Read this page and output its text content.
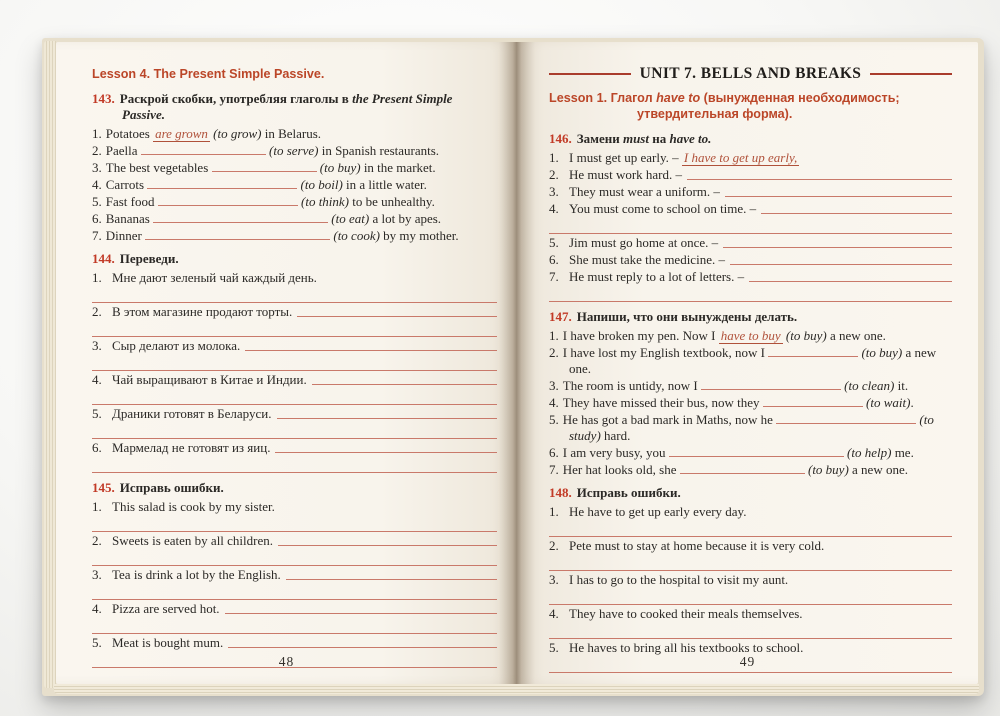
Lesson 4. The Present Simple Passive.
143. Раскрой скобки, употребляя глаголы в the Present Simple Passive.
1. Potatoes are grown (to grow) in Belarus.
2. Paella	(to serve) in Spanish restaurants.
3. The best vegetables	(to buy) in the market.
4. Carrots	(to boil) in a little water.
5. Fast food	(to think) to be unhealthy.
6. Bananas	(to eat) a lot by apes.
7. Dinner	(to cook) by my mother.
144. Переведи.
1. Мне дают зеленый чай каждый день.
2. В этом магазине продают торты.
3. Сыр делают из молока.
4. Чай выращивают в Китае и Индии.
5. Драники готовят в Беларуси.
6. Мармелад не готовят из яиц.
145. Исправь ошибки.
1. This salad is cook by my sister.
2. Sweets is eaten by all children.
3. Tea is drink a lot by the English.
4. Pizza are served hot.
5. Meat is bought mum.
48
UNIT 7. BELLS AND BREAKS
Lesson 1. Глагол have to (вынужденная необходимость;
утвердительная форма).
146. Замени must на have to.
1. I must get up early. – I have to get up early,
2. He must work hard. –
3. They must wear a uniform. –
4. You must come to school on time. –
5. Jim must go home at once. –
6. She must take the medicine. –
7. He must reply to a lot of letters. –
147. Напиши, что они вынуждены делать.
1. I have broken my pen. Now I have to buy (to buy) a new one.
2. I have lost my English textbook, now I	(to buy) a new one.
3. The room is untidy, now I	(to clean) it.
4. They have missed their bus, now they	(to wait).
5. He has got a bad mark in Maths, now he	(to study) hard.
6. I am very busy, you	(to help) me.
7. Her hat looks old, she	(to buy) a new one.
148. Исправь ошибки.
1. He have to get up early every day.
2. Pete must to stay at home because it is very cold.
3. I has to go to the hospital to visit my aunt.
4. They have to cooked their meals themselves.
5. He haves to bring all his textbooks to school.
49
